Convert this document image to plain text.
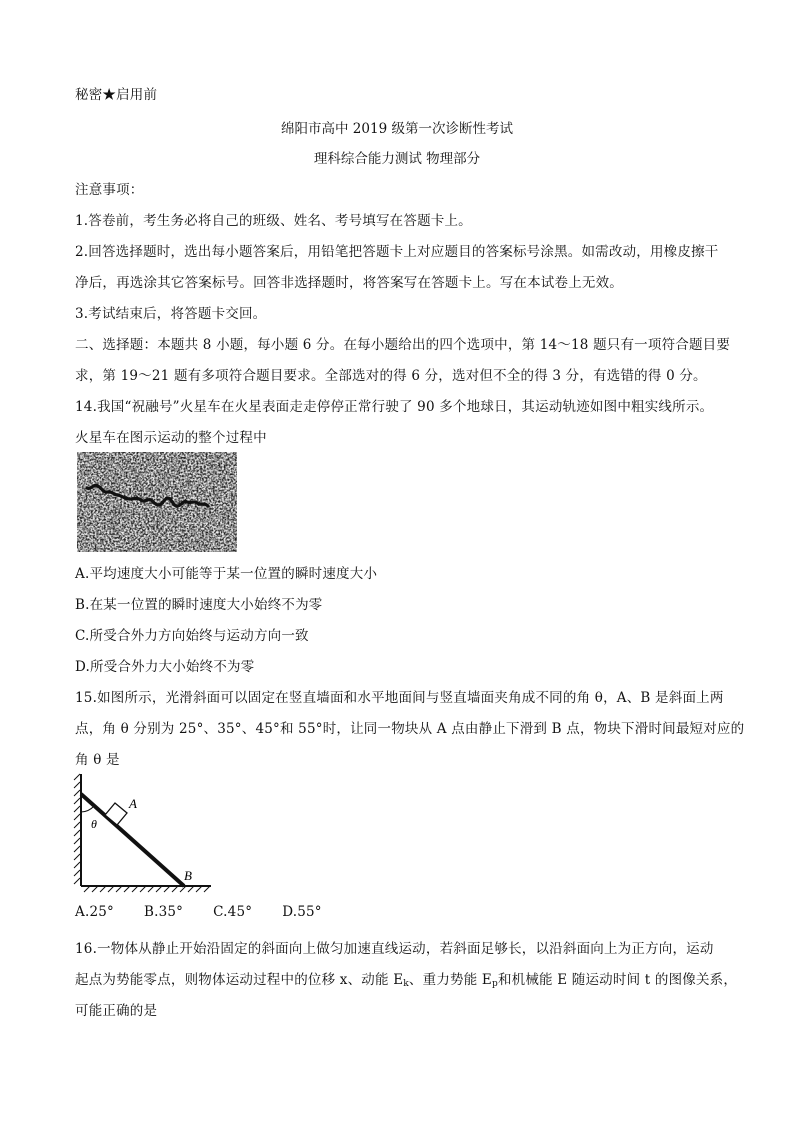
秘密★启用前
绵阳市高中 2019 级第一次诊断性考试
理科综合能力测试 物理部分
注意事项：
1.答卷前，考生务必将自己的班级、姓名、考号填写在答题卡上。
2.回答选择题时，选出每小题答案后，用铅笔把答题卡上对应题目的答案标号涂黑。如需改动，用橡皮擦干
净后，再选涂其它答案标号。回答非选择题时，将答案写在答题卡上。写在本试卷上无效。
3.考试结束后，将答题卡交回。
二、选择题：本题共 8 小题，每小题 6 分。在每小题给出的四个选项中，第 14～18 题只有一项符合题目要
求，第 19～21 题有多项符合题目要求。全部选对的得 6 分，选对但不全的得 3 分，有选错的得 0 分。
14.我国“祝融号”火星车在火星表面走走停停正常行驶了 90 多个地球日，其运动轨迹如图中粗实线所示。
火星车在图示运动的整个过程中
A.平均速度大小可能等于某一位置的瞬时速度大小
B.在某一位置的瞬时速度大小始终不为零
C.所受合外力方向始终与运动方向一致
D.所受合外力大小始终不为零
15.如图所示，光滑斜面可以固定在竖直墙面和水平地面间与竖直墙面夹角成不同的角 θ，A、B 是斜面上两
点，角 θ 分别为 25°、35°、45°和 55°时，让同一物块从 A 点由静止下滑到 B 点，物块下滑时间最短对应的
角 θ 是
A
θ
B
A.25° B.35° C.45° D.55°
16.一物体从静止开始沿固定的斜面向上做匀加速直线运动，若斜面足够长，以沿斜面向上为正方向，运动
起点为势能零点，则物体运动过程中的位移 x、动能 $E_k$、重力势能 $E_p$和机械能 E 随运动时间 t 的图像关系，
可能正确的是
